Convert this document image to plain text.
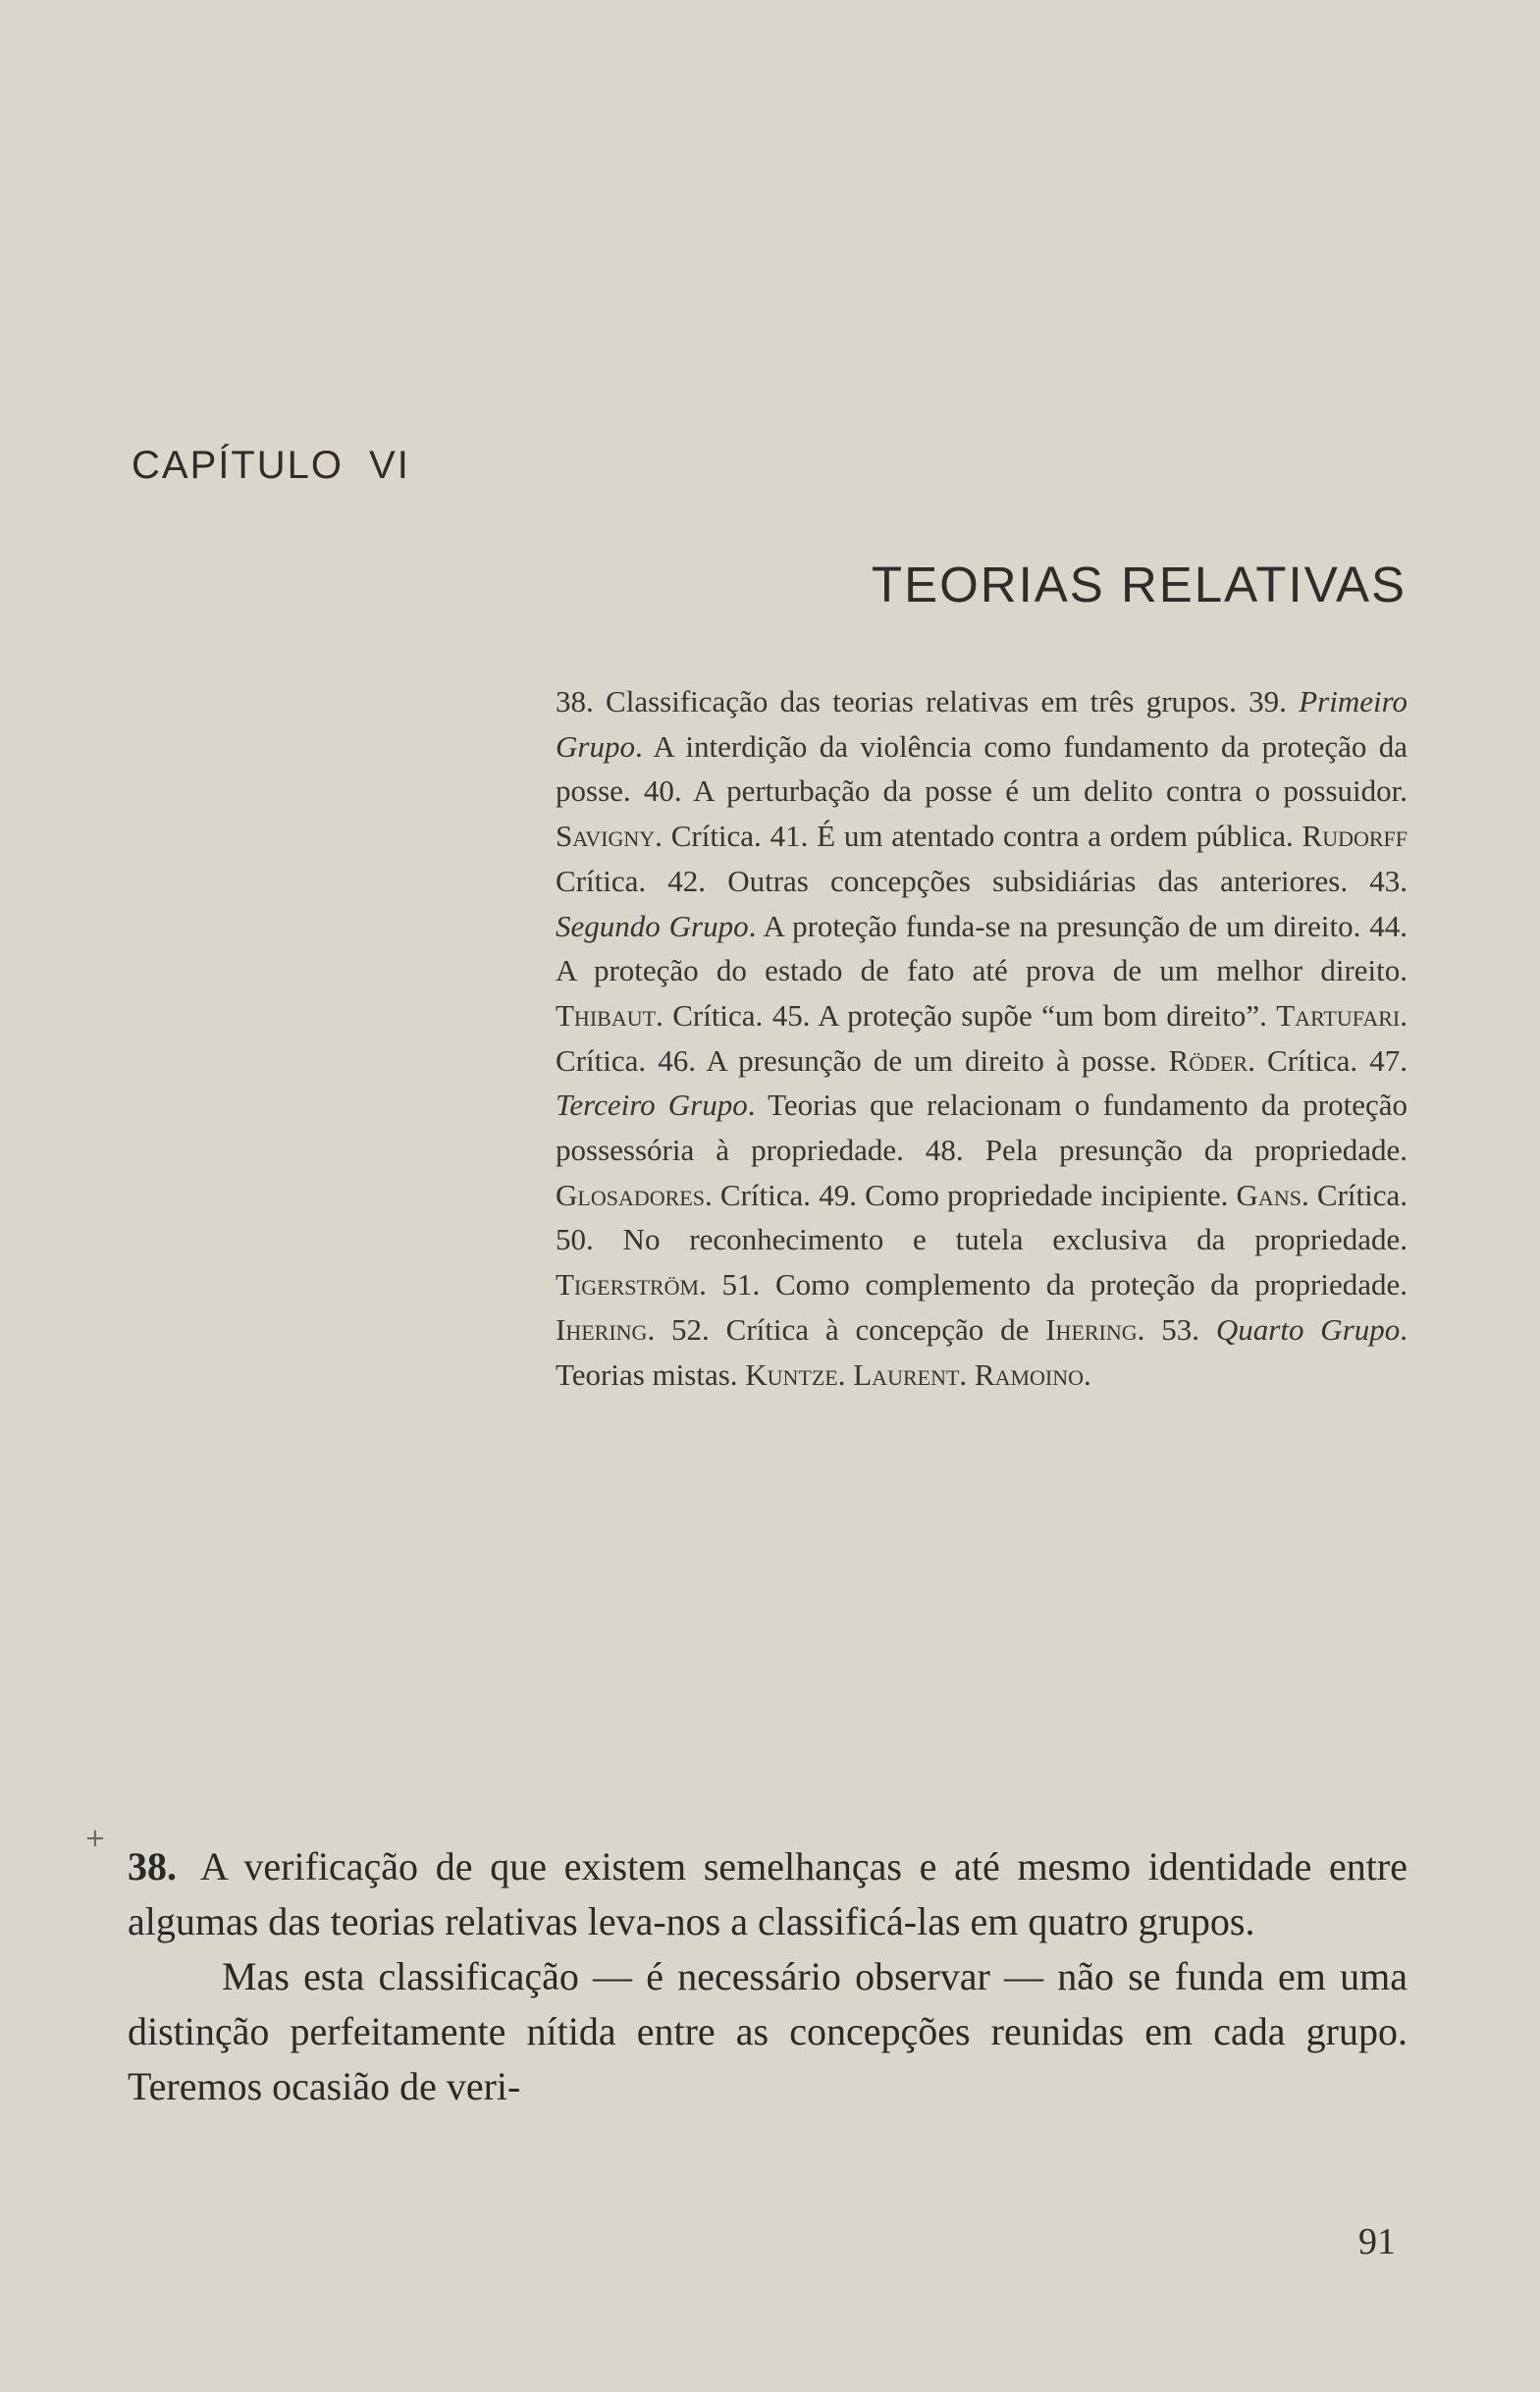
CAPÍTULO VI
TEORIAS RELATIVAS
38. Classificação das teorias relativas em três grupos. 39. Primeiro Grupo. A interdição da violência como fundamento da proteção da posse. 40. A perturbação da posse é um delito contra o possuidor. Savigny. Crítica. 41. É um atentado contra a ordem pública. Rudorff Crítica. 42. Outras concepções subsidiárias das anteriores. 43. Segundo Grupo. A proteção funda-se na presunção de um direito. 44. A proteção do estado de fato até prova de um melhor direito. Thibaut. Crítica. 45. A proteção supõe “um bom direito”. Tartufari. Crítica. 46. A presunção de um direito à posse. Röder. Crítica. 47. Terceiro Grupo. Teorias que relacionam o fundamento da proteção possessória à propriedade. 48. Pela presunção da propriedade. Glosadores. Crítica. 49. Como propriedade incipiente. Gans. Crítica. 50. No reconhecimento e tutela exclusiva da propriedade. Tigerström. 51. Como complemento da proteção da propriedade. Ihering. 52. Crítica à concepção de Ihering. 53. Quarto Grupo. Teorias mistas. Kuntze. Laurent. Ramoino.
+

38. A verificação de que existem semelhanças e até mesmo identidade entre algumas das teorias relativas leva-nos a classificá-las em quatro grupos.

Mas esta classificação — é necessário observar — não se funda em uma distinção perfeitamente nítida entre as concepções reunidas em cada grupo. Teremos ocasião de veri-

91
